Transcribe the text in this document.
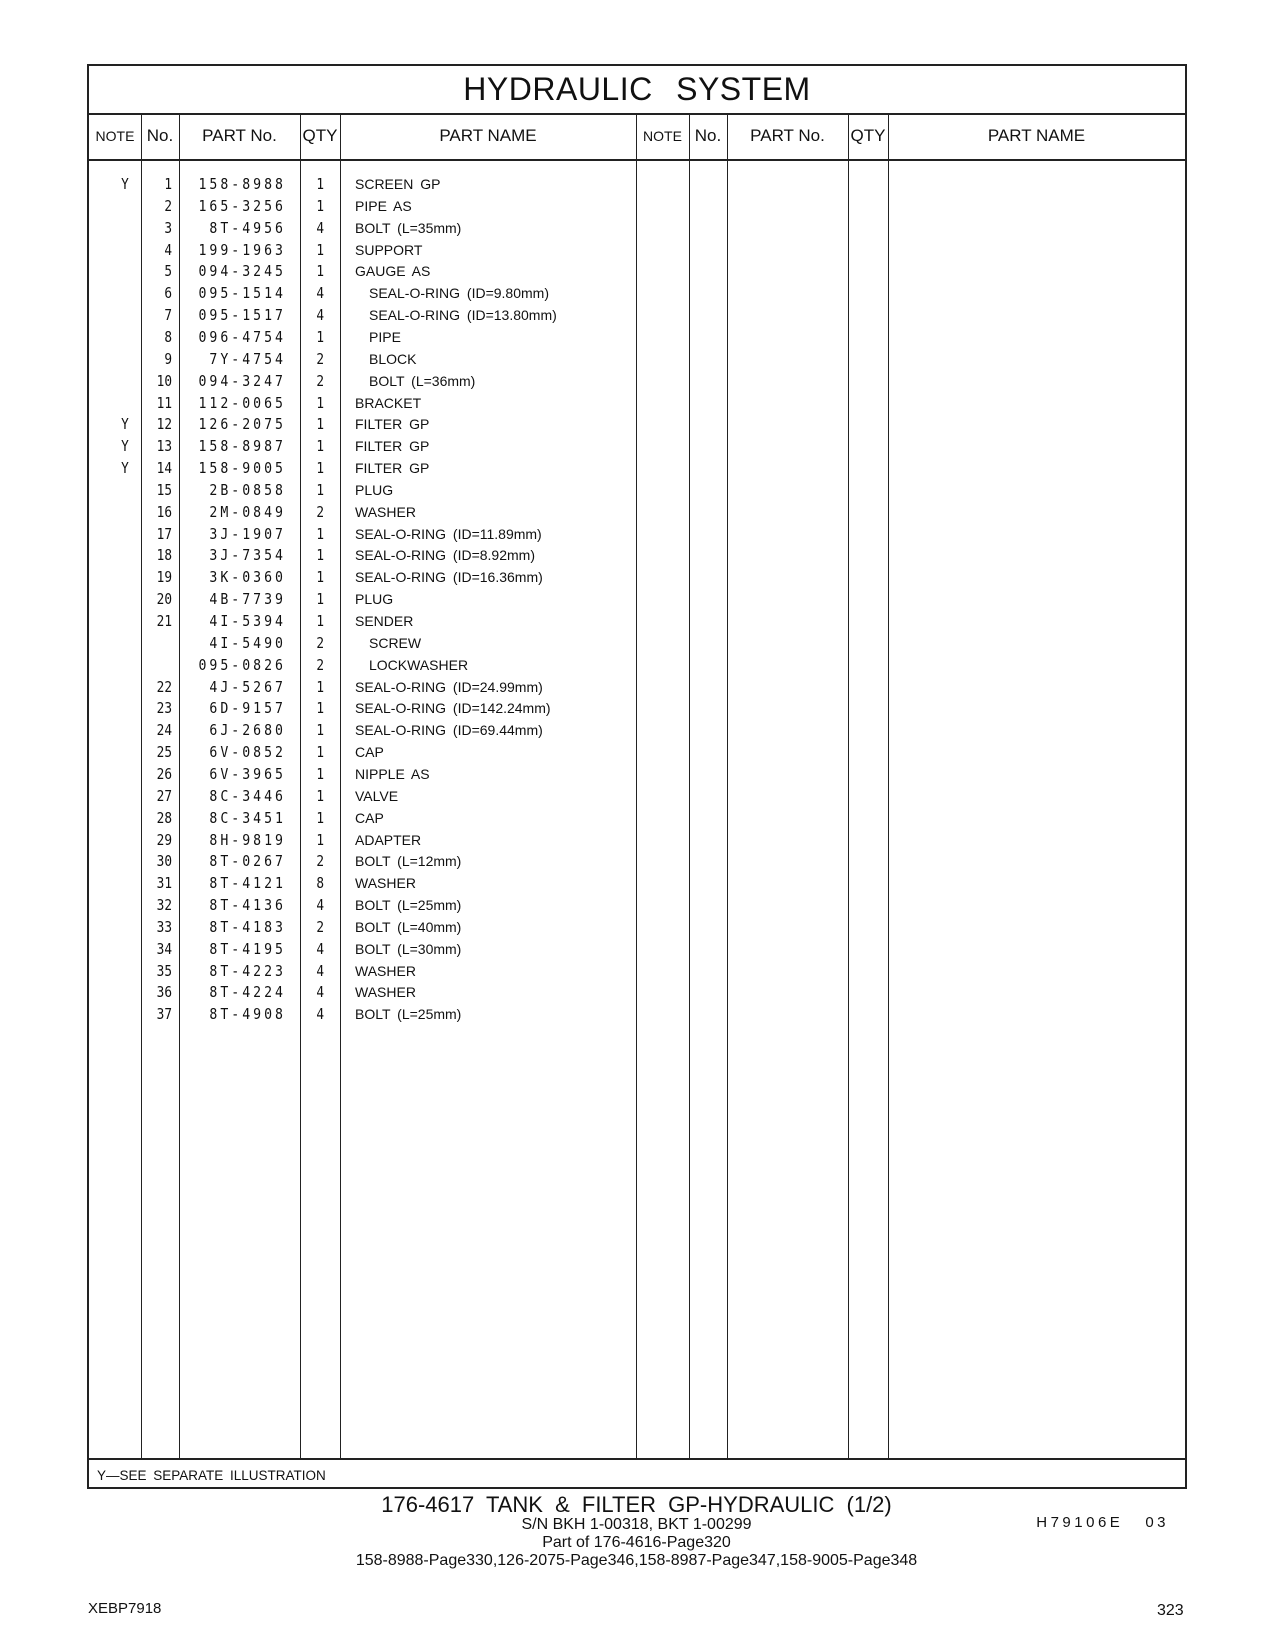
HYDRAULIC SYSTEM
NOTE No.	PART No.	QTY	PART NAME	NOTE No.	PART No.	QTY	PART NAME
Y	1	158-8988	1 SCREEN GP
2	165-3256	1 PIPE AS
3	8T-4956	4 BOLT (L=35mm)
4	199-1963	1 SUPPORT
5	094-3245	1 GAUGE AS
6	095-1514	4	SEAL-O-RING (ID=9.80mm)
7	095-1517	4	SEAL-O-RING (ID=13.80mm)
8	096-4754	1	PIPE
9	7Y-4754	2	BLOCK
10	094-3247	2	BOLT (L=36mm)
11	112-0065	1 BRACKET
Y	12	126-2075	1 FILTER GP
Y	13	158-8987	1 FILTER GP
Y	14	158-9005	1 FILTER GP
15	2B-0858	1 PLUG
16	2M-0849	2 WASHER
17	3J-1907	1 SEAL-O-RING (ID=11.89mm)
18	3J-7354	1 SEAL-O-RING (ID=8.92mm)
19	3K-0360	1 SEAL-O-RING (ID=16.36mm)
20	4B-7739	1 PLUG
21	4I-5394	1 SENDER
4I-5490	2	SCREW
095-0826	2	LOCKWASHER
22	4J-5267	1 SEAL-O-RING (ID=24.99mm)
23	6D-9157	1 SEAL-O-RING (ID=142.24mm)
24	6J-2680	1 SEAL-O-RING (ID=69.44mm)
25	6V-0852	1 CAP
26	6V-3965	1 NIPPLE AS
27	8C-3446	1 VALVE
28	8C-3451	1 CAP
29	8H-9819	1 ADAPTER
30	8T-0267	2 BOLT (L=12mm)
31	8T-4121	8 WASHER
32	8T-4136	4 BOLT (L=25mm)
33	8T-4183	2 BOLT (L=40mm)
34	8T-4195	4 BOLT (L=30mm)
35	8T-4223	4 WASHER
36	8T-4224	4 WASHER
37	8T-4908	4 BOLT (L=25mm)
Y—SEE SEPARATE ILLUSTRATION
H79106E 03
176-4617 TANK & FILTER GP-HYDRAULIC (1/2)
S/N BKH 1-00318, BKT 1-00299
Part of 176-4616-Page320
158-8988-Page330,126-2075-Page346,158-8987-Page347,158-9005-Page348
XEBP7918	323
